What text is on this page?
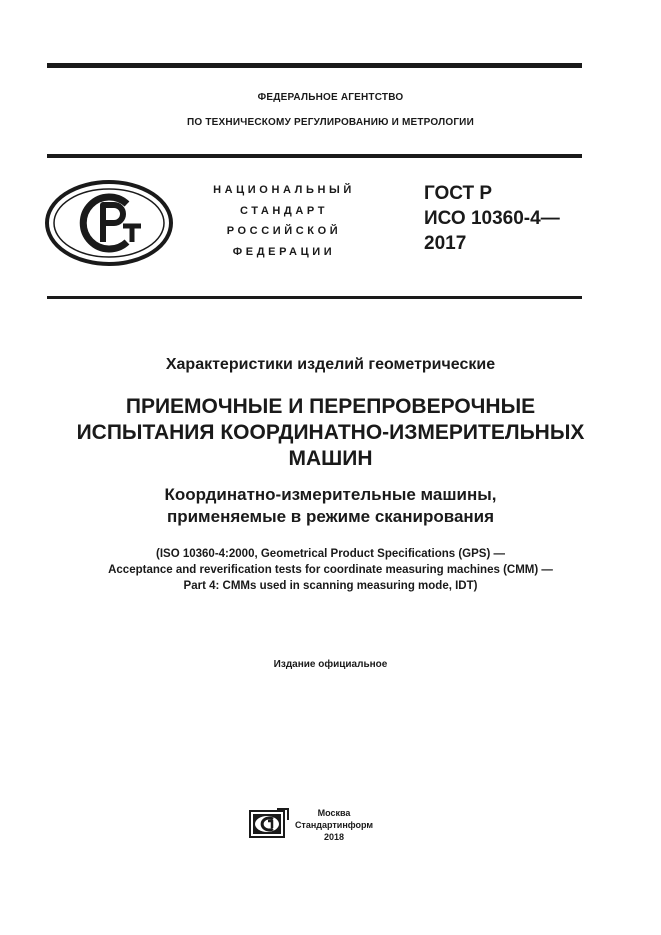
ФЕДЕРАЛЬНОЕ АГЕНТСТВО
ПО ТЕХНИЧЕСКОМУ РЕГУЛИРОВАНИЮ И МЕТРОЛОГИИ
НАЦИОНАЛЬНЫЙ
СТАНДАРТ
РОССИЙСКОЙ
ФЕДЕРАЦИИ
ГОСТ Р
ИСО 10360-4—
2017
Характеристики изделий геометрические
ПРИЕМОЧНЫЕ И ПЕРЕПРОВЕРОЧНЫЕ
ИСПЫТАНИЯ КООРДИНАТНО-ИЗМЕРИТЕЛЬНЫХ
МАШИН
Координатно-измерительные машины,
применяемые в режиме сканирования
(ISO 10360-4:2000, Geometrical Product Specifications (GPS) —
Acceptance and reverification tests for coordinate measuring machines (CMM) —
Part 4: CMMs used in scanning measuring mode, IDT)
Издание официальное
Москва
Стандартинформ
2018
